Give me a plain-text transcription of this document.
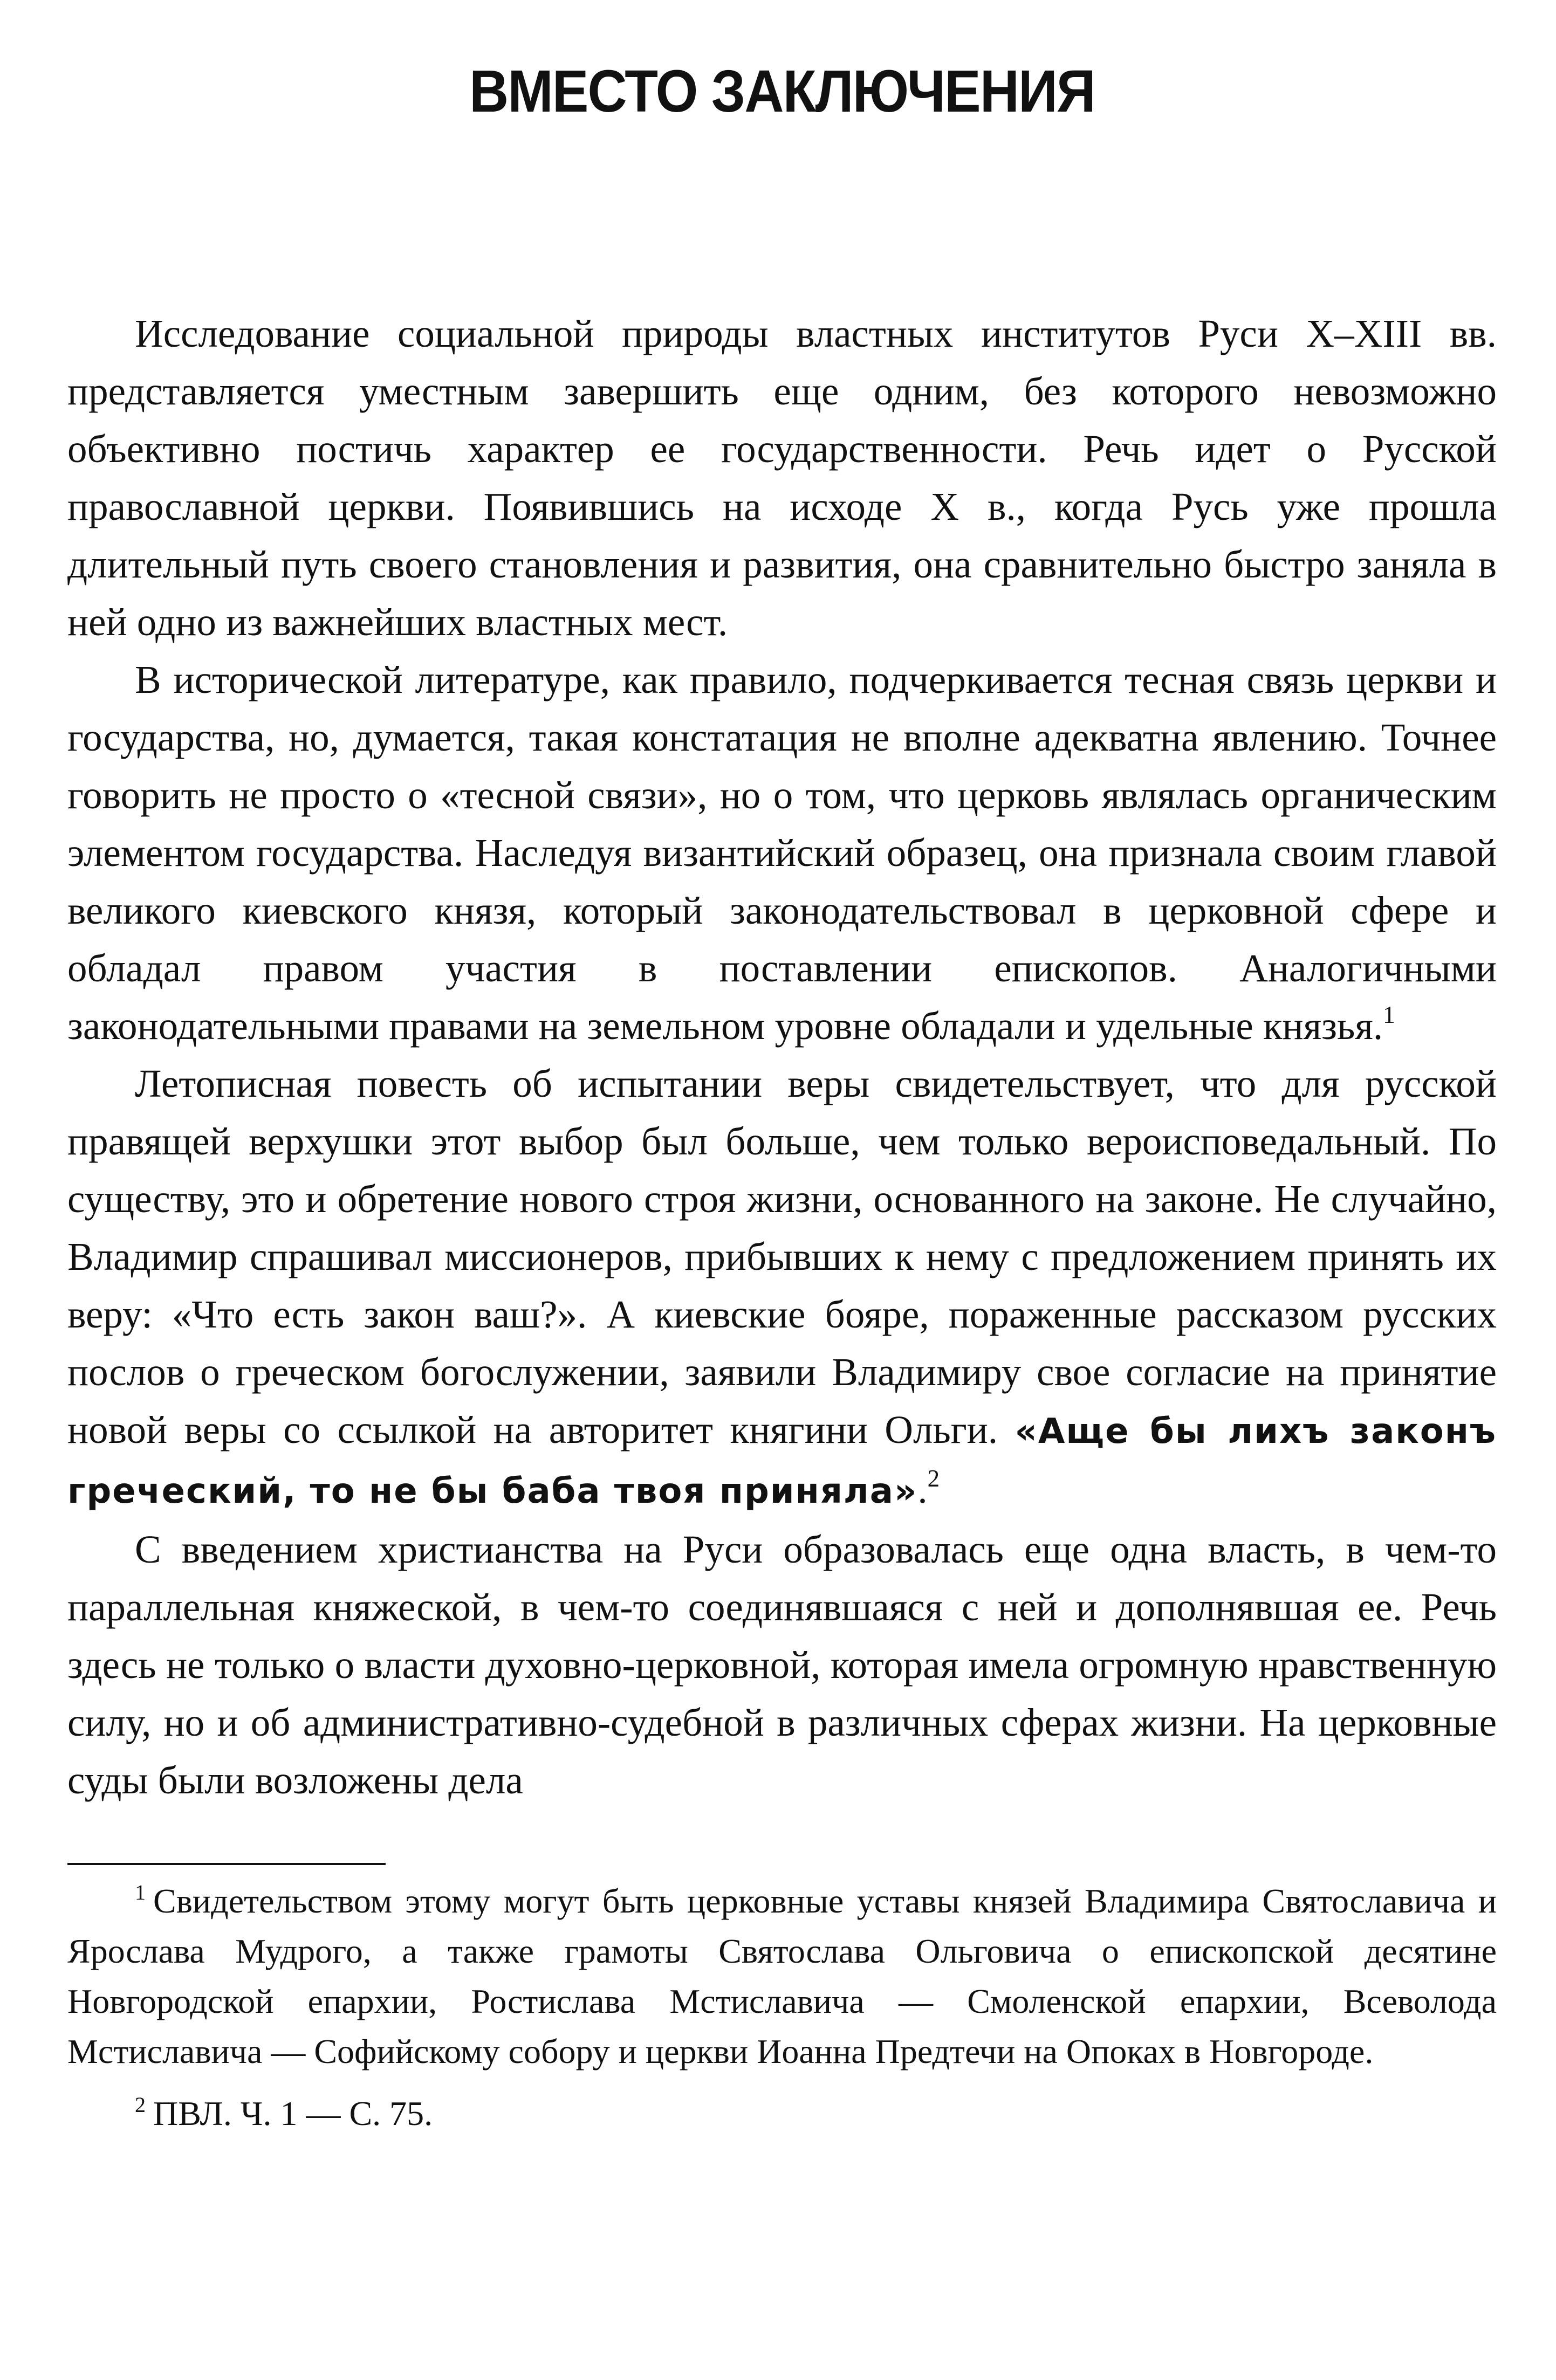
ВМЕСТО ЗАКЛЮЧЕНИЯ

Исследование социальной природы властных институтов Руси X–XIII вв. представляется уместным завершить еще одним, без которого невозможно объективно постичь характер ее государственности. Речь идет о Русской православной церкви. Появившись на исходе X в., когда Русь уже прошла длительный путь своего становления и развития, она сравнительно быстро заняла в ней одно из важнейших властных мест.

В исторической литературе, как правило, подчеркивается тесная связь церкви и государства, но, думается, такая констатация не вполне адекватна явлению. Точнее говорить не просто о «тесной связи», но о том, что церковь являлась органическим элементом государства. Наследуя византийский образец, она признала своим главой великого киевского князя, который законодательствовал в церковной сфере и обладал правом участия в поставлении епископов. Аналогичными законодательными правами на земельном уровне обладали и удельные князья.$^1$

Летописная повесть об испытании веры свидетельствует, что для русской правящей верхушки этот выбор был больше, чем только вероисповедальный. По существу, это и обретение нового строя жизни, основанного на законе. Не случайно, Владимир спрашивал миссионеров, прибывших к нему с предложением принять их веру: «Что есть закон ваш?». А киевские бояре, пораженные рассказом русских послов о греческом богослужении, заявили Владимиру свое согласие на принятие новой веры со ссылкой на авторитет княгини Ольги. «Аще бы лихъ законъ греческий, то не бы баба твоя приняла».$^2$

С введением христианства на Руси образовалась еще одна власть, в чем-то параллельная княжеской, в чем-то соединявшаяся с ней и дополнявшая ее. Речь здесь не только о власти духовно-церковной, которая имела огромную нравственную силу, но и об административно-судебной в различных сферах жизни. На церковные суды были возложены дела

$^1$ Свидетельством этому могут быть церковные уставы князей Владимира Святославича и Ярослава Мудрого, а также грамоты Святослава Ольговича о епископской десятине Новгородской епархии, Ростислава Мстиславича — Смоленской епархии, Всеволода Мстиславича — Софийскому собору и церкви Иоанна Предтечи на Опоках в Новгороде.

$^2$ ПВЛ. Ч. 1 — С. 75.
